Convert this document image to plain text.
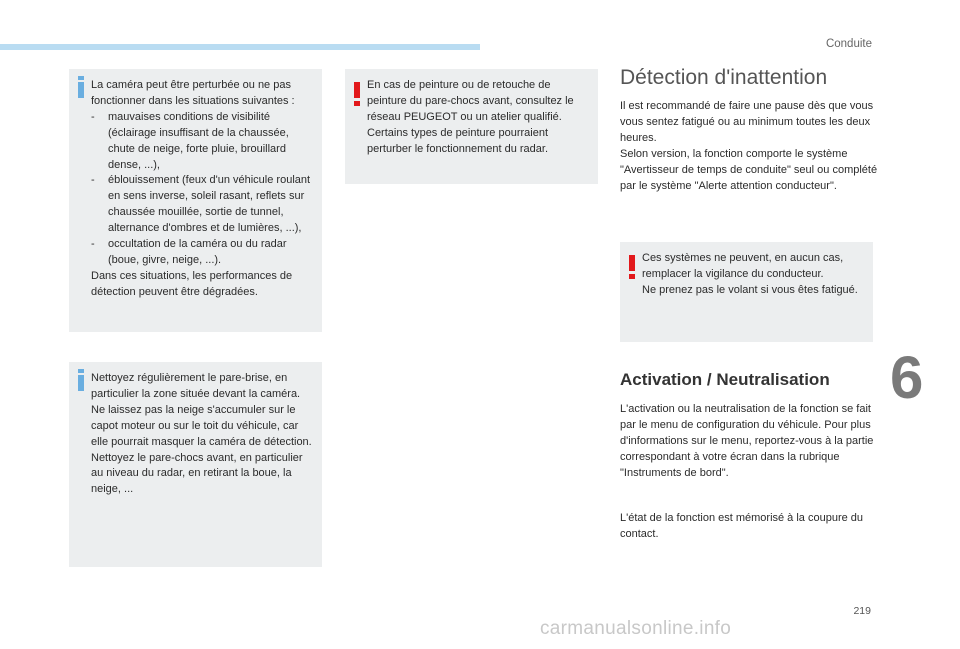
Conduite
6
219

La caméra peut être perturbée ou ne pas fonctionner dans les situations suivantes :

-	mauvaises conditions de visibilité (éclairage insuffisant de la chaussée, chute de neige, forte pluie, brouillard dense, ...),
-	éblouissement (feux d'un véhicule roulant en sens inverse, soleil rasant, reflets sur chaussée mouillée, sortie de tunnel, alternance d'ombres et de lumières, ...),
-	occultation de la caméra ou du radar (boue, givre, neige, ...).

Dans ces situations, les performances de détection peuvent être dégradées.

Nettoyez régulièrement le pare-brise, en particulier la zone située devant la caméra.

Ne laissez pas la neige s'accumuler sur le capot moteur ou sur le toit du véhicule, car elle pourrait masquer la caméra de détection.

Nettoyez le pare-chocs avant, en particulier au niveau du radar, en retirant la boue, la neige, ...

En cas de peinture ou de retouche de peinture du pare-chocs avant, consultez le réseau PEUGEOT ou un atelier qualifié. Certains types de peinture pourraient perturber le fonctionnement du radar.

Détection d'inattention

Il est recommandé de faire une pause dès que vous vous sentez fatigué ou au minimum toutes les deux heures.

Selon version, la fonction comporte le système "Avertisseur de temps de conduite" seul ou complété par le système "Alerte attention conducteur".

Ces systèmes ne peuvent, en aucun cas, remplacer la vigilance du conducteur.

Ne prenez pas le volant si vous êtes fatigué.

Activation / Neutralisation
L'activation ou la neutralisation de la fonction se fait par le menu de configuration du véhicule. Pour plus d'informations sur le menu, reportez-vous à la partie correspondant à votre écran dans la rubrique "Instruments de bord".
L'état de la fonction est mémorisé à la coupure du contact.
carmanualsonline.info
